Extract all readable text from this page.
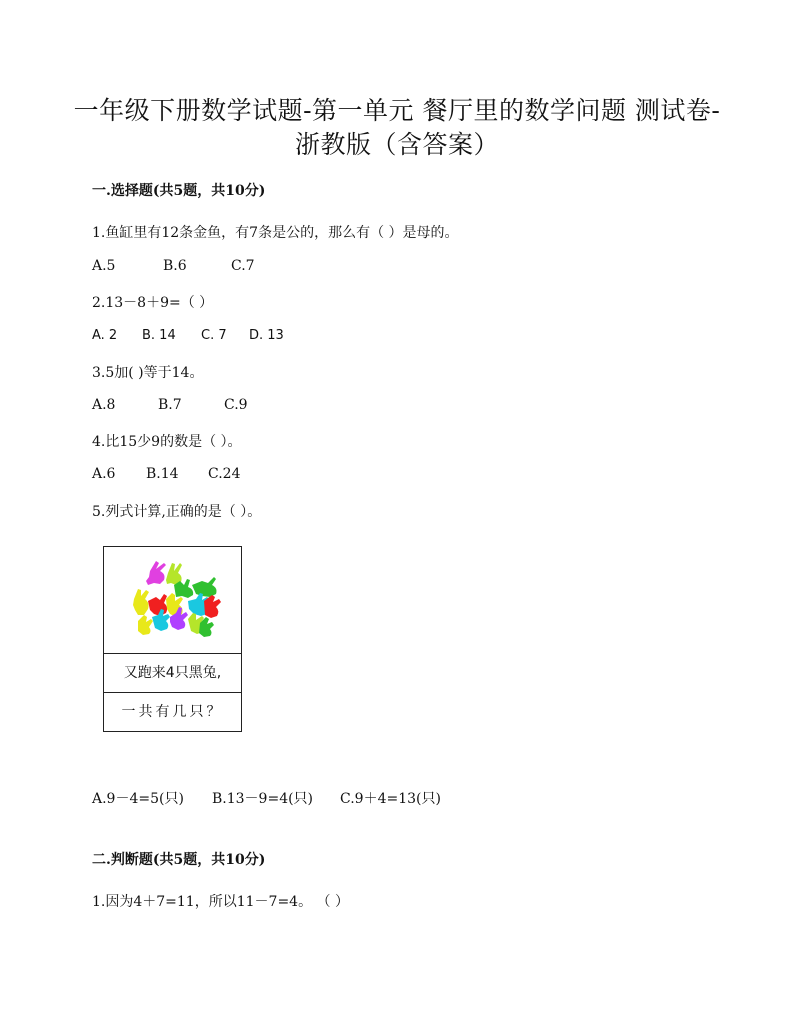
一年级下册数学试题-第一单元 餐厅里的数学问题 测试卷-
浙教版（含答案）
一.选择题(共5题，共10分)
1.鱼缸里有12条金鱼，有7条是公的，那么有（ ）是母的。
A.5	B.6	C.7
2.13－8＋9=（ ）
A. 2 B. 14 C. 7 D. 13
3.5加( )等于14。
A.8	B.7	C.9
4.比15少9的数是（ ）。
A.6 B.14 C.24
5.列式计算,正确的是（ ）。
又跑来4只黑兔,
一共有几只？
A.9－4=5(只) B.13－9=4(只) C.9＋4=13(只)
二.判断题(共5题，共10分)
1.因为4＋7=11，所以11－7=4。 （ ）
